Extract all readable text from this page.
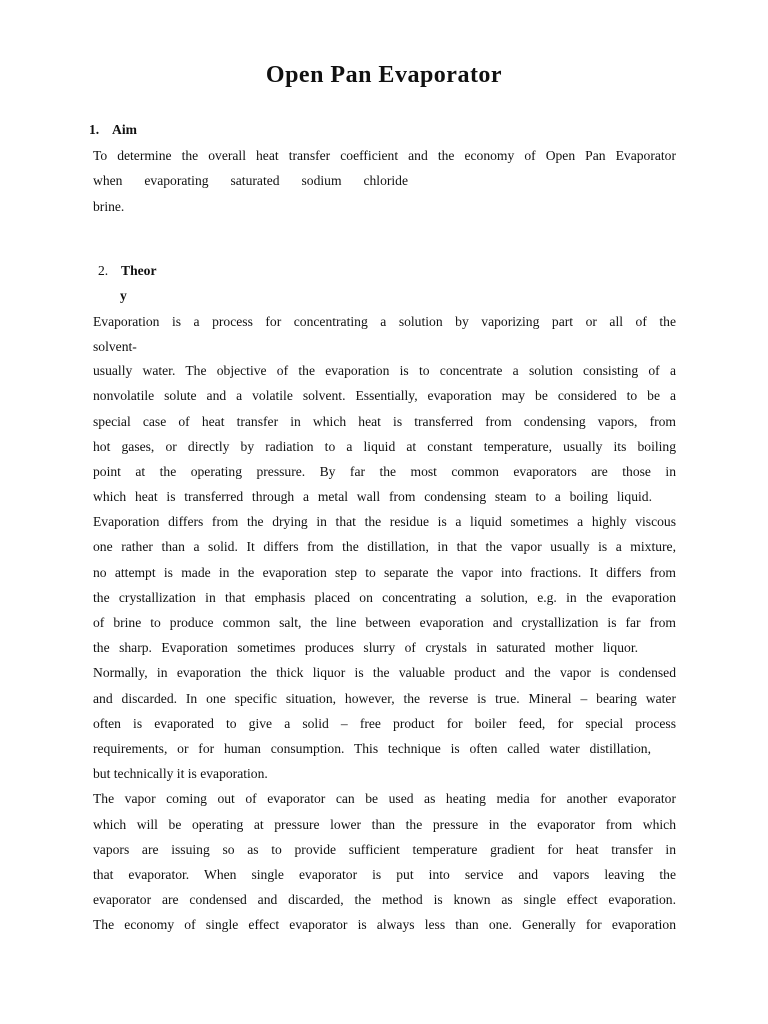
Open Pan Evaporator
1. Aim
To determine the overall heat transfer coefficient and the economy of Open Pan Evaporator
when evaporating saturated sodium chloride
brine.
2. Theor
y
Evaporation is a process for concentrating a solution by vaporizing part or all of the
solvent-
usually water. The objective of the evaporation is to concentrate a solution consisting of a
nonvolatile solute and a volatile solvent. Essentially, evaporation may be considered to be a
special case of heat transfer in which heat is transferred from condensing vapors, from
hot gases, or directly by radiation to a liquid at constant temperature, usually its boiling
point at the operating pressure. By far the most common evaporators are those in
which heat is transferred through a metal wall from condensing steam to a boiling liquid.
Evaporation differs from the drying in that the residue is a liquid sometimes a highly viscous
one rather than a solid. It differs from the distillation, in that the vapor usually is a mixture,
no attempt is made in the evaporation step to separate the vapor into fractions. It differs from
the crystallization in that emphasis placed on concentrating a solution, e.g. in the evaporation
of brine to produce common salt, the line between evaporation and crystallization is far from
the sharp. Evaporation sometimes produces slurry of crystals in saturated mother liquor.
Normally, in evaporation the thick liquor is the valuable product and the vapor is condensed
and discarded. In one specific situation, however, the reverse is true. Mineral – bearing water
often is evaporated to give a solid – free product for boiler feed, for special process
requirements, or for human consumption. This technique is often called water distillation,
but technically it is evaporation.
The vapor coming out of evaporator can be used as heating media for another evaporator
which will be operating at pressure lower than the pressure in the evaporator from which
vapors are issuing so as to provide sufficient temperature gradient for heat transfer in
that evaporator. When single evaporator is put into service and vapors leaving the
evaporator are condensed and discarded, the method is known as single effect evaporation.
The economy of single effect evaporator is always less than one. Generally for evaporation
